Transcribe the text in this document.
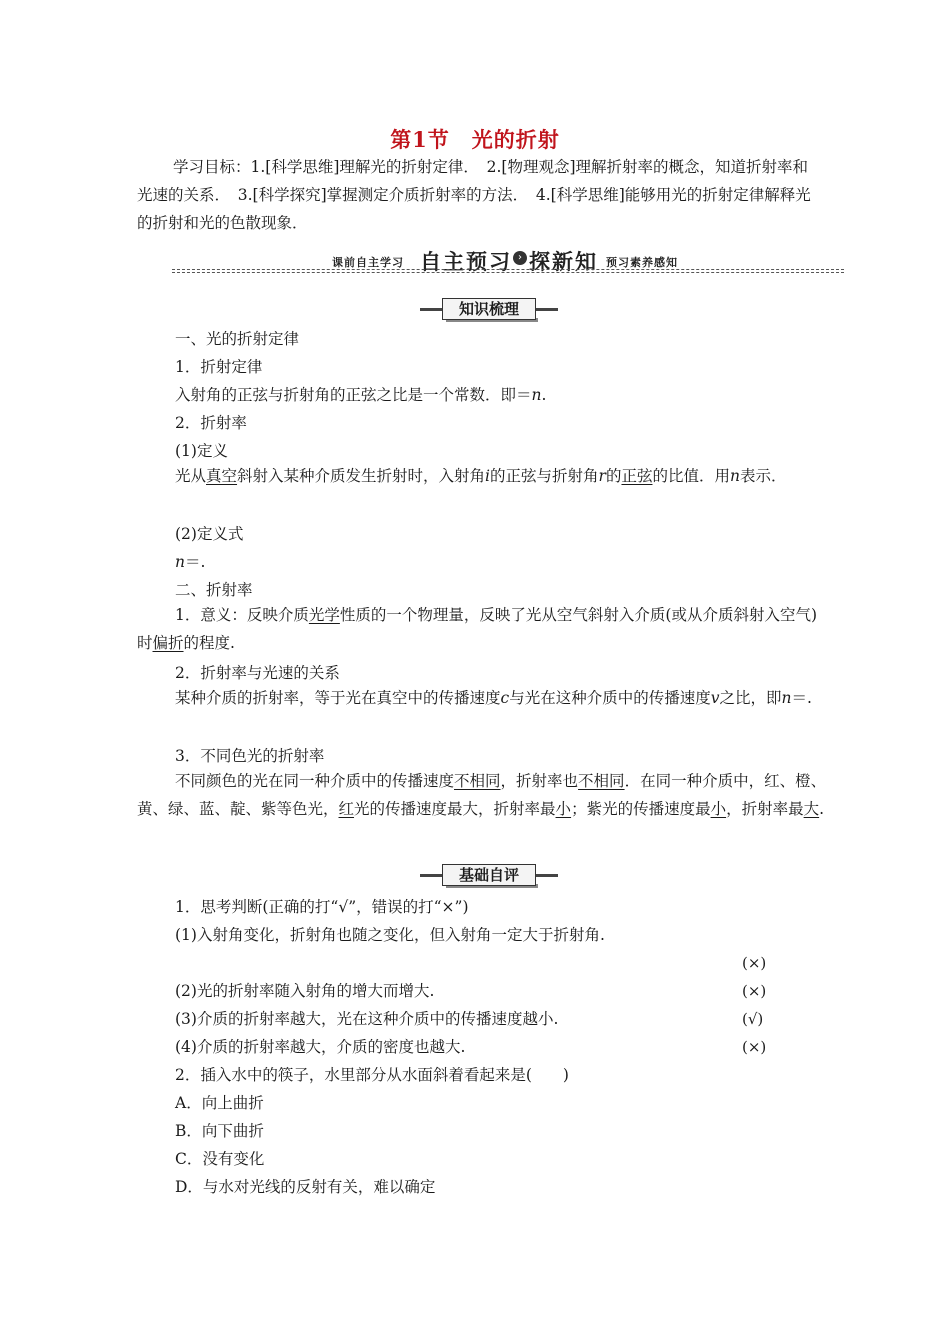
第1节　光的折射
学习目标：1.[科学思维]理解光的折射定律．　2.[物理观念]理解折射率的概念，知道折射率和光速的关系．　3.[科学探究]掌握测定介质折射率的方法．　4.[科学思维]能够用光的折射定律解释光的折射和光的色散现象．
课前自主学习 自主预习 › 探新知 预习素养感知
知识梳理
一、光的折射定律
1．折射定律
入射角的正弦与折射角的正弦之比是一个常数．即＝n.
2．折射率
(1)定义
光从真空斜射入某种介质发生折射时，入射角i的正弦与折射角r的正弦的比值．用n表示．
(2)定义式
n＝.
二、折射率
1．意义：反映介质光学性质的一个物理量，反映了光从空气斜射入介质(或从介质斜射入空气)时偏折的程度.
2．折射率与光速的关系
某种介质的折射率，等于光在真空中的传播速度c与光在这种介质中的传播速度v之比，即n＝.
3．不同色光的折射率
不同颜色的光在同一种介质中的传播速度不相同，折射率也不相同．在同一种介质中，红、橙、黄、绿、蓝、靛、紫等色光，红光的传播速度最大，折射率最小；紫光的传播速度最小，折射率最大.
基础自评
1．思考判断(正确的打“√”，错误的打“×”)
(1)入射角变化，折射角也随之变化，但入射角一定大于折射角.
(×)
(2)光的折射率随入射角的增大而增大.	(×)
(3)介质的折射率越大，光在这种介质中的传播速度越小.	(√)
(4)介质的折射率越大，介质的密度也越大.	(×)
2．插入水中的筷子，水里部分从水面斜着看起来是(　　)
A．向上曲折
B．向下曲折
C．没有变化
D．与水对光线的反射有关，难以确定
